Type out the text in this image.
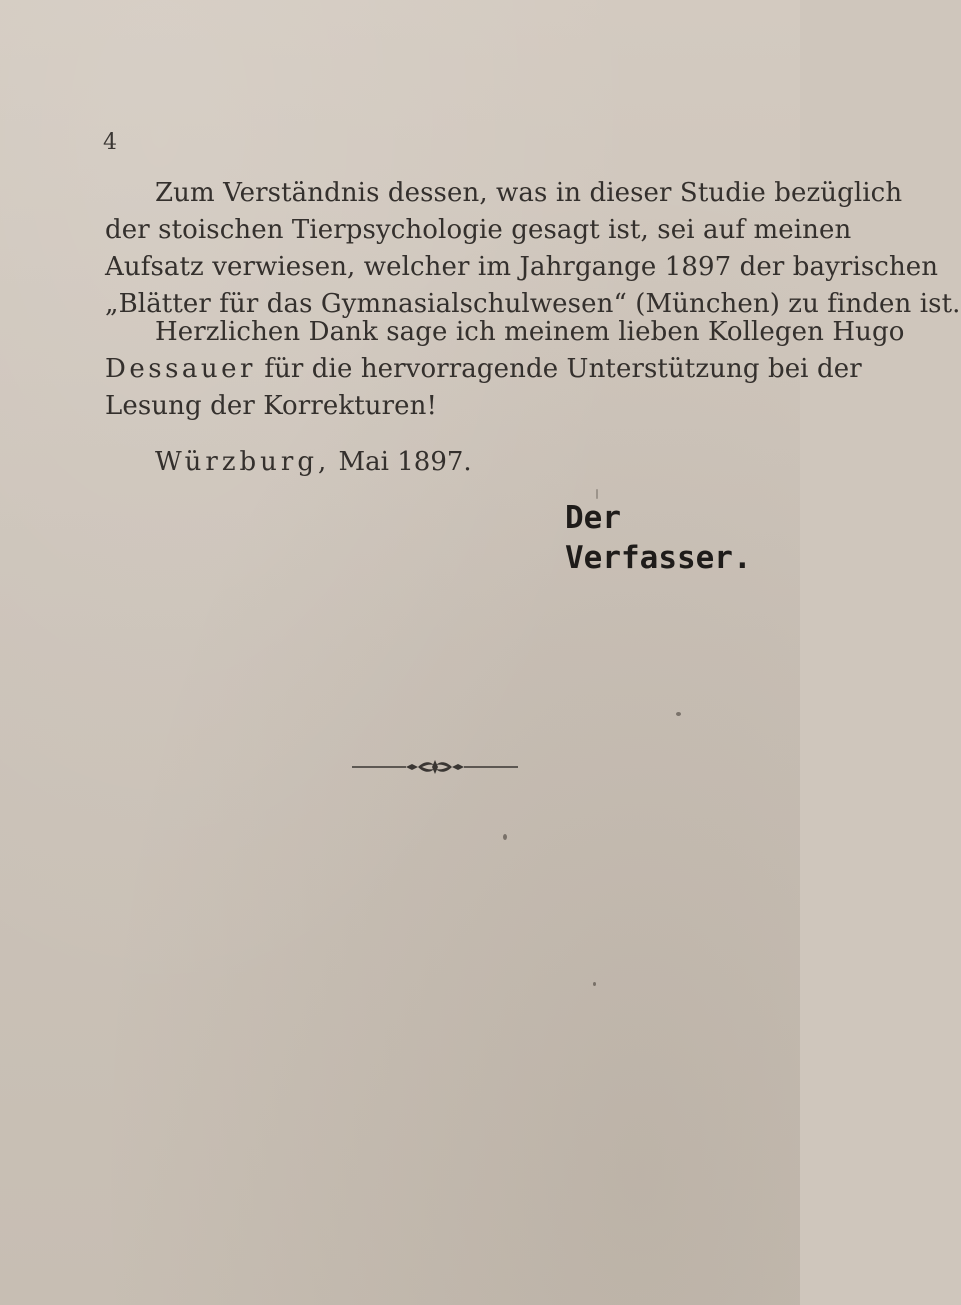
4
Zum Verständnis dessen, was in dieser Studie bezüglich
der stoischen Tierpsychologie gesagt ist, sei auf meinen
Aufsatz verwiesen, welcher im Jahrgange 1897 der bayrischen
„Blätter für das Gymnasialschulwesen“ (München) zu finden ist.
Herzlichen Dank sage ich meinem lieben Kollegen Hugo
Dessauer für die hervorragende Unterstützung bei der
Lesung der Korrekturen!
Würzburg, Mai 1897.
Der Verfasser.
